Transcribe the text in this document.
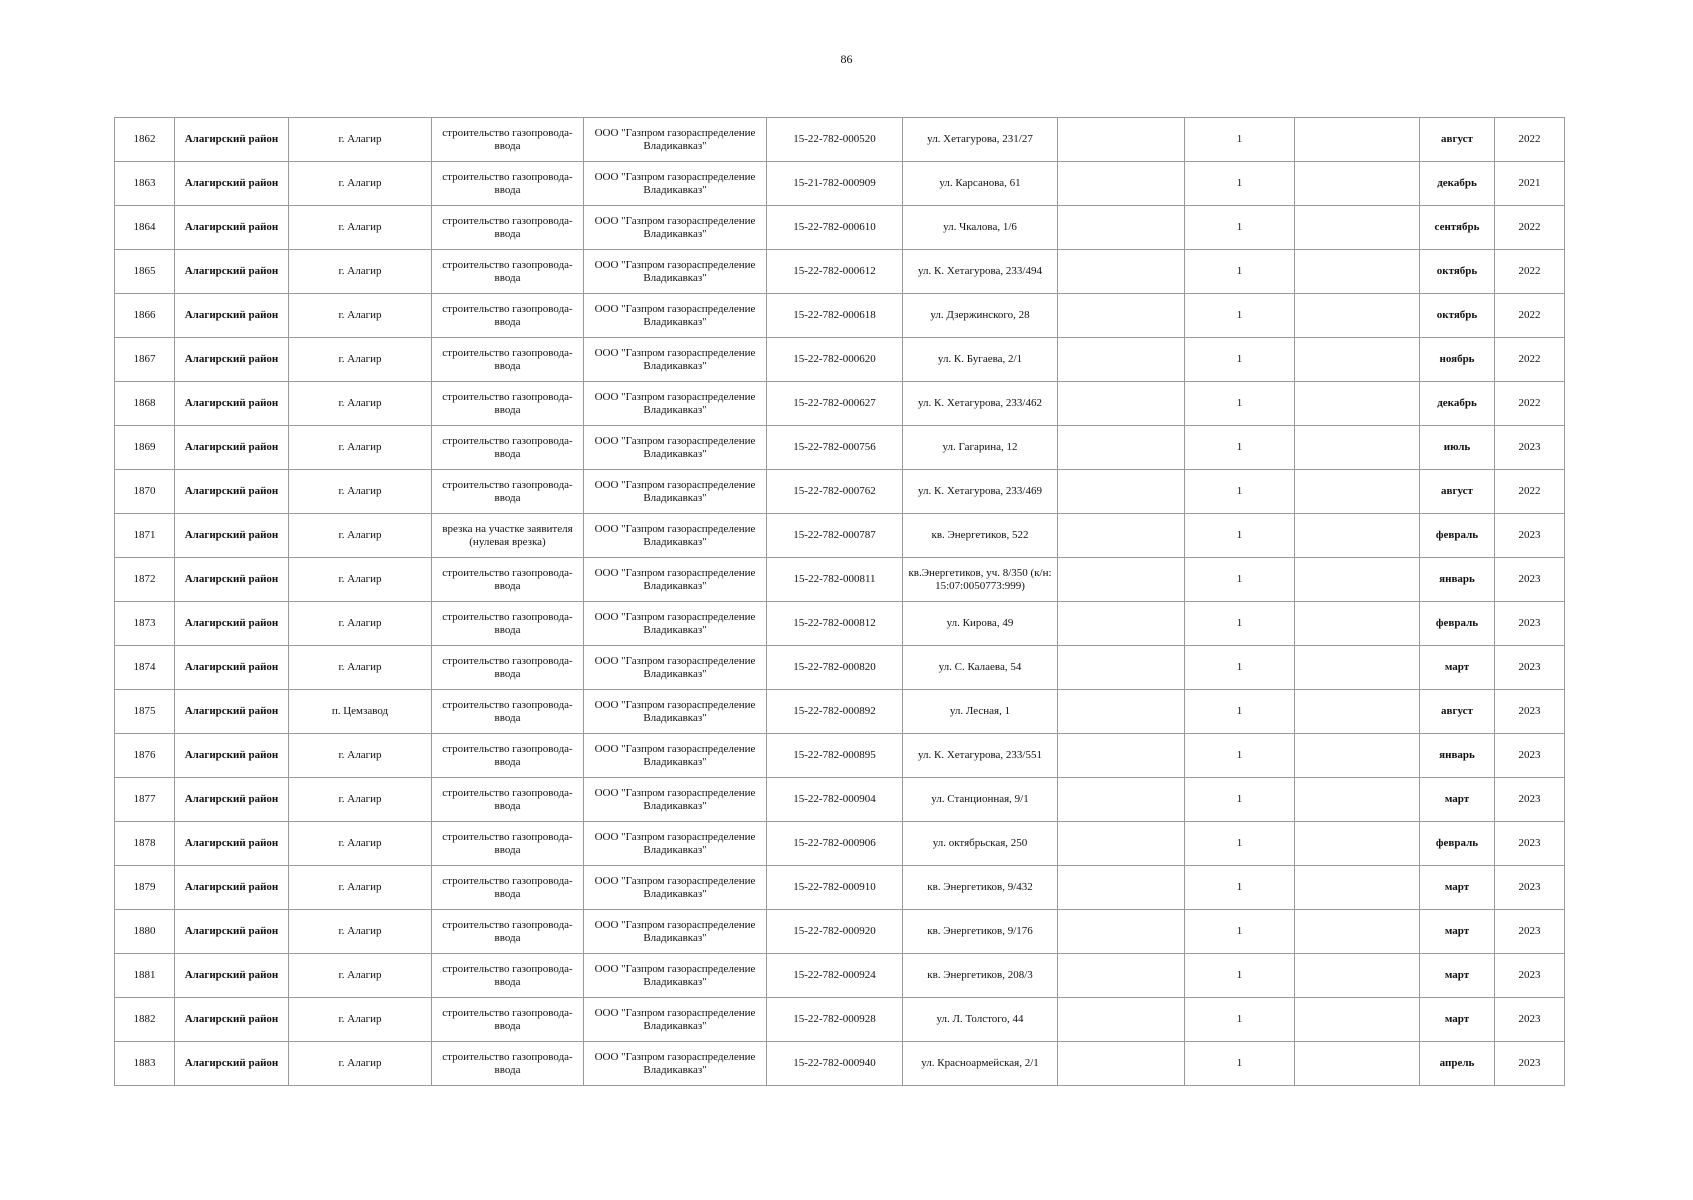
86
1862	Алагирский район	г. Алагир	строительство газопровода-ввода	ООО "Газпром газораспределение Владикавказ"	15-22-782-000520	ул. Хетагурова, 231/27		1		август	2022
1863	Алагирский район	г. Алагир	строительство газопровода-ввода	ООО "Газпром газораспределение Владикавказ"	15-21-782-000909	ул. Карсанова, 61		1		декабрь	2021
1864	Алагирский район	г. Алагир	строительство газопровода-ввода	ООО "Газпром газораспределение Владикавказ"	15-22-782-000610	ул. Чкалова, 1/6		1		сентябрь	2022
1865	Алагирский район	г. Алагир	строительство газопровода-ввода	ООО "Газпром газораспределение Владикавказ"	15-22-782-000612	ул. К. Хетагурова, 233/494		1		октябрь	2022
1866	Алагирский район	г. Алагир	строительство газопровода-ввода	ООО "Газпром газораспределение Владикавказ"	15-22-782-000618	ул. Дзержинского, 28		1		октябрь	2022
1867	Алагирский район	г. Алагир	строительство газопровода-ввода	ООО "Газпром газораспределение Владикавказ"	15-22-782-000620	ул. К. Бугаева, 2/1		1		ноябрь	2022
1868	Алагирский район	г. Алагир	строительство газопровода-ввода	ООО "Газпром газораспределение Владикавказ"	15-22-782-000627	ул. К. Хетагурова, 233/462		1		декабрь	2022
1869	Алагирский район	г. Алагир	строительство газопровода-ввода	ООО "Газпром газораспределение Владикавказ"	15-22-782-000756	ул. Гагарина, 12		1		июль	2023
1870	Алагирский район	г. Алагир	строительство газопровода-ввода	ООО "Газпром газораспределение Владикавказ"	15-22-782-000762	ул. К. Хетагурова, 233/469		1		август	2022
1871	Алагирский район	г. Алагир	врезка на участке заявителя (нулевая врезка)	ООО "Газпром газораспределение Владикавказ"	15-22-782-000787	кв. Энергетиков, 522		1		февраль	2023
1872	Алагирский район	г. Алагир	строительство газопровода-ввода	ООО "Газпром газораспределение Владикавказ"	15-22-782-000811	кв.Энергетиков, уч. 8/350 (к/н: 15:07:0050773:999)		1		январь	2023
1873	Алагирский район	г. Алагир	строительство газопровода-ввода	ООО "Газпром газораспределение Владикавказ"	15-22-782-000812	ул. Кирова, 49		1		февраль	2023
1874	Алагирский район	г. Алагир	строительство газопровода-ввода	ООО "Газпром газораспределение Владикавказ"	15-22-782-000820	ул. С. Калаева, 54		1		март	2023
1875	Алагирский район	п. Цемзавод	строительство газопровода-ввода	ООО "Газпром газораспределение Владикавказ"	15-22-782-000892	ул. Лесная, 1		1		август	2023
1876	Алагирский район	г. Алагир	строительство газопровода-ввода	ООО "Газпром газораспределение Владикавказ"	15-22-782-000895	ул. К. Хетагурова, 233/551		1		январь	2023
1877	Алагирский район	г. Алагир	строительство газопровода-ввода	ООО "Газпром газораспределение Владикавказ"	15-22-782-000904	ул. Станционная, 9/1		1		март	2023
1878	Алагирский район	г. Алагир	строительство газопровода-ввода	ООО "Газпром газораспределение Владикавказ"	15-22-782-000906	ул. октябрьская, 250		1		февраль	2023
1879	Алагирский район	г. Алагир	строительство газопровода-ввода	ООО "Газпром газораспределение Владикавказ"	15-22-782-000910	кв. Энергетиков, 9/432		1		март	2023
1880	Алагирский район	г. Алагир	строительство газопровода-ввода	ООО "Газпром газораспределение Владикавказ"	15-22-782-000920	кв. Энергетиков, 9/176		1		март	2023
1881	Алагирский район	г. Алагир	строительство газопровода-ввода	ООО "Газпром газораспределение Владикавказ"	15-22-782-000924	кв. Энергетиков, 208/3		1		март	2023
1882	Алагирский район	г. Алагир	строительство газопровода-ввода	ООО "Газпром газораспределение Владикавказ"	15-22-782-000928	ул. Л. Толстого, 44		1		март	2023
1883	Алагирский район	г. Алагир	строительство газопровода-ввода	ООО "Газпром газораспределение Владикавказ"	15-22-782-000940	ул. Красноармейская, 2/1		1		апрель	2023
